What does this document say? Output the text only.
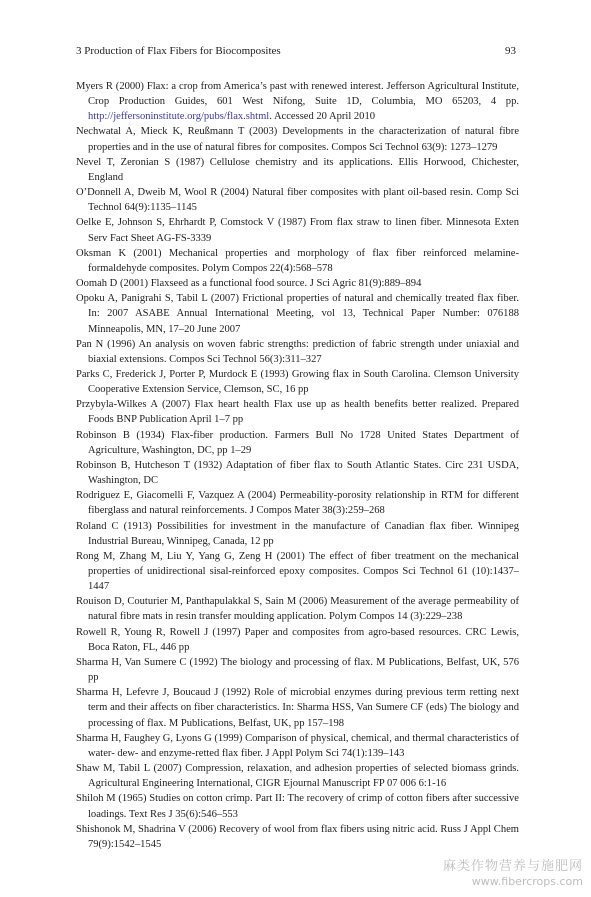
3 Production of Flax Fibers for Biocomposites	93
Myers R (2000) Flax: a crop from America’s past with renewed interest. Jefferson Agricultural Institute, Crop Production Guides, 601 West Nifong, Suite 1D, Columbia, MO 65203, 4 pp. http://jeffersoninstitute.org/pubs/flax.shtml. Accessed 20 April 2010
Nechwatal A, Mieck K, Reußmann T (2003) Developments in the characterization of natural fibre properties and in the use of natural fibres for composites. Compos Sci Technol 63(9): 1273–1279
Nevel T, Zeronian S (1987) Cellulose chemistry and its applications. Ellis Horwood, Chichester, England
O’Donnell A, Dweib M, Wool R (2004) Natural fiber composites with plant oil-based resin. Comp Sci Technol 64(9):1135–1145
Oelke E, Johnson S, Ehrhardt P, Comstock V (1987) From flax straw to linen fiber. Minnesota Exten Serv Fact Sheet AG-FS-3339
Oksman K (2001) Mechanical properties and morphology of flax fiber reinforced melamine-formaldehyde composites. Polym Compos 22(4):568–578
Oomah D (2001) Flaxseed as a functional food source. J Sci Agric 81(9):889–894
Opoku A, Panigrahi S, Tabil L (2007) Frictional properties of natural and chemically treated flax fiber. In: 2007 ASABE Annual International Meeting, vol 13, Technical Paper Number: 076188 Minneapolis, MN, 17–20 June 2007
Pan N (1996) An analysis on woven fabric strengths: prediction of fabric strength under uniaxial and biaxial extensions. Compos Sci Technol 56(3):311–327
Parks C, Frederick J, Porter P, Murdock E (1993) Growing flax in South Carolina. Clemson University Cooperative Extension Service, Clemson, SC, 16 pp
Przybyla-Wilkes A (2007) Flax heart health Flax use up as health benefits better realized. Prepared Foods BNP Publication April 1–7 pp
Robinson B (1934) Flax-fiber production. Farmers Bull No 1728 United States Department of Agriculture, Washington, DC, pp 1–29
Robinson B, Hutcheson T (1932) Adaptation of fiber flax to South Atlantic States. Circ 231 USDA, Washington, DC
Rodriguez E, Giacomelli F, Vazquez A (2004) Permeability-porosity relationship in RTM for different fiberglass and natural reinforcements. J Compos Mater 38(3):259–268
Roland C (1913) Possibilities for investment in the manufacture of Canadian flax fiber. Winnipeg Industrial Bureau, Winnipeg, Canada, 12 pp
Rong M, Zhang M, Liu Y, Yang G, Zeng H (2001) The effect of fiber treatment on the mechanical properties of unidirectional sisal-reinforced epoxy composites. Compos Sci Technol 61 (10):1437–1447
Rouison D, Couturier M, Panthapulakkal S, Sain M (2006) Measurement of the average permeability of natural fibre mats in resin transfer moulding application. Polym Compos 14 (3):229–238
Rowell R, Young R, Rowell J (1997) Paper and composites from agro-based resources. CRC Lewis, Boca Raton, FL, 446 pp
Sharma H, Van Sumere C (1992) The biology and processing of flax. M Publications, Belfast, UK, 576 pp
Sharma H, Lefevre J, Boucaud J (1992) Role of microbial enzymes during previous term retting next term and their affects on fiber characteristics. In: Sharma HSS, Van Sumere CF (eds) The biology and processing of flax. M Publications, Belfast, UK, pp 157–198
Sharma H, Faughey G, Lyons G (1999) Comparison of physical, chemical, and thermal characteristics of water- dew- and enzyme-retted flax fiber. J Appl Polym Sci 74(1):139–143
Shaw M, Tabil L (2007) Compression, relaxation, and adhesion properties of selected biomass grinds. Agricultural Engineering International, CIGR Ejournal Manuscript FP 07 006 6:1-16
Shiloh M (1965) Studies on cotton crimp. Part II: The recovery of crimp of cotton fibers after successive loadings. Text Res J 35(6):546–553
Shishonok M, Shadrina V (2006) Recovery of wool from flax fibers using nitric acid. Russ J Appl Chem 79(9):1542–1545
麻类作物营养与施肥网
www.fibercrops.com
